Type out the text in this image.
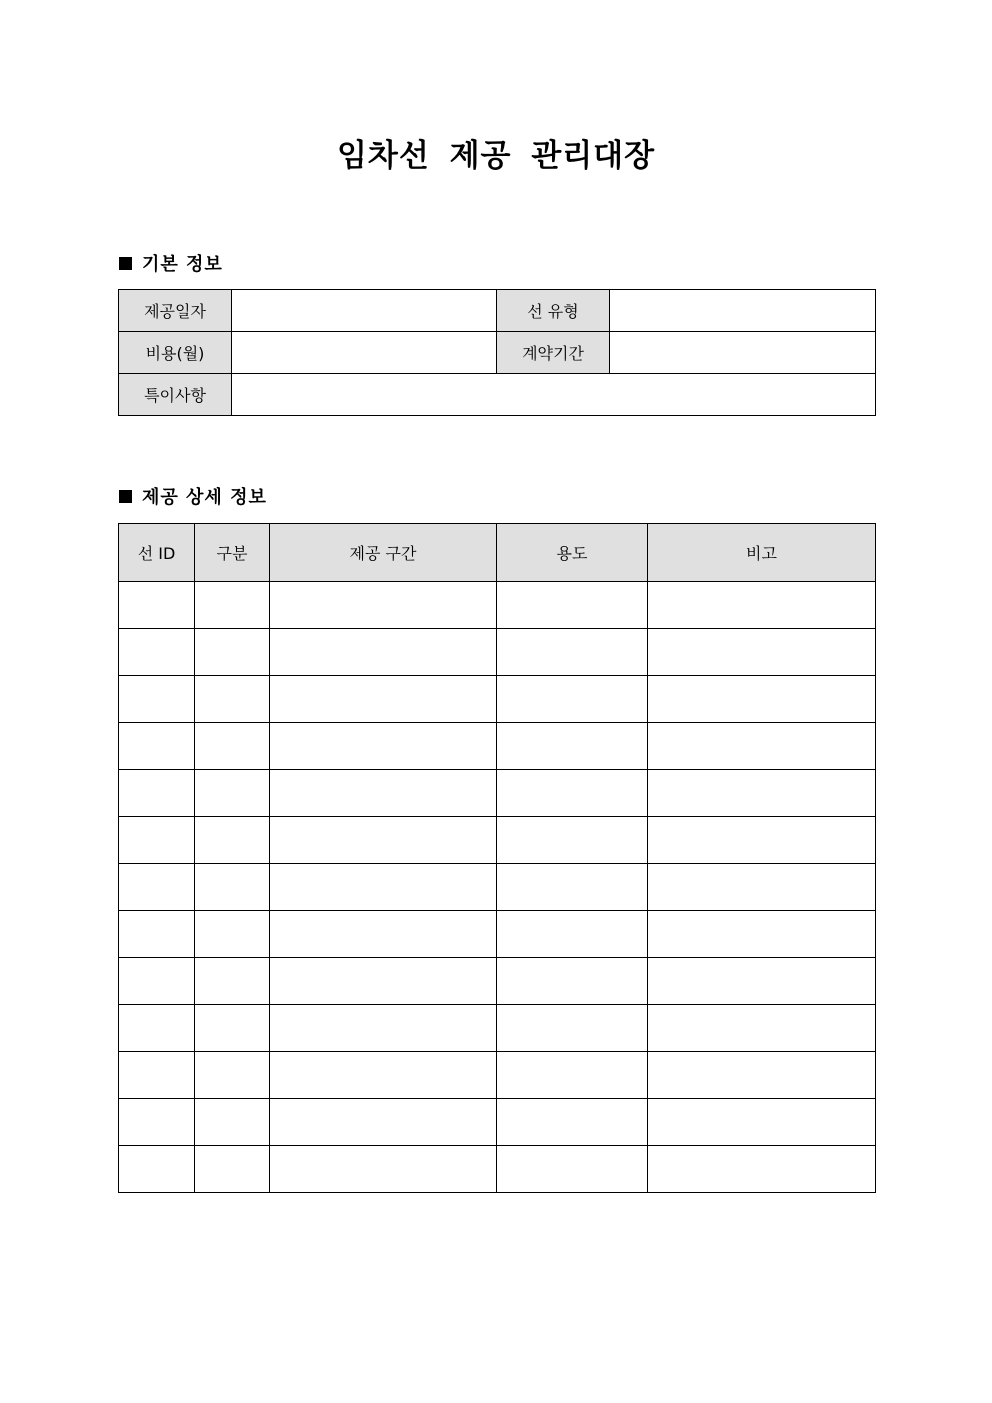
임차선 제공 관리대장
기본 정보
제공일자		선 유형	
비용(월)		계약기간	
특이사항			
제공 상세 정보
선 ID	구분	제공 구간	용도	비고
